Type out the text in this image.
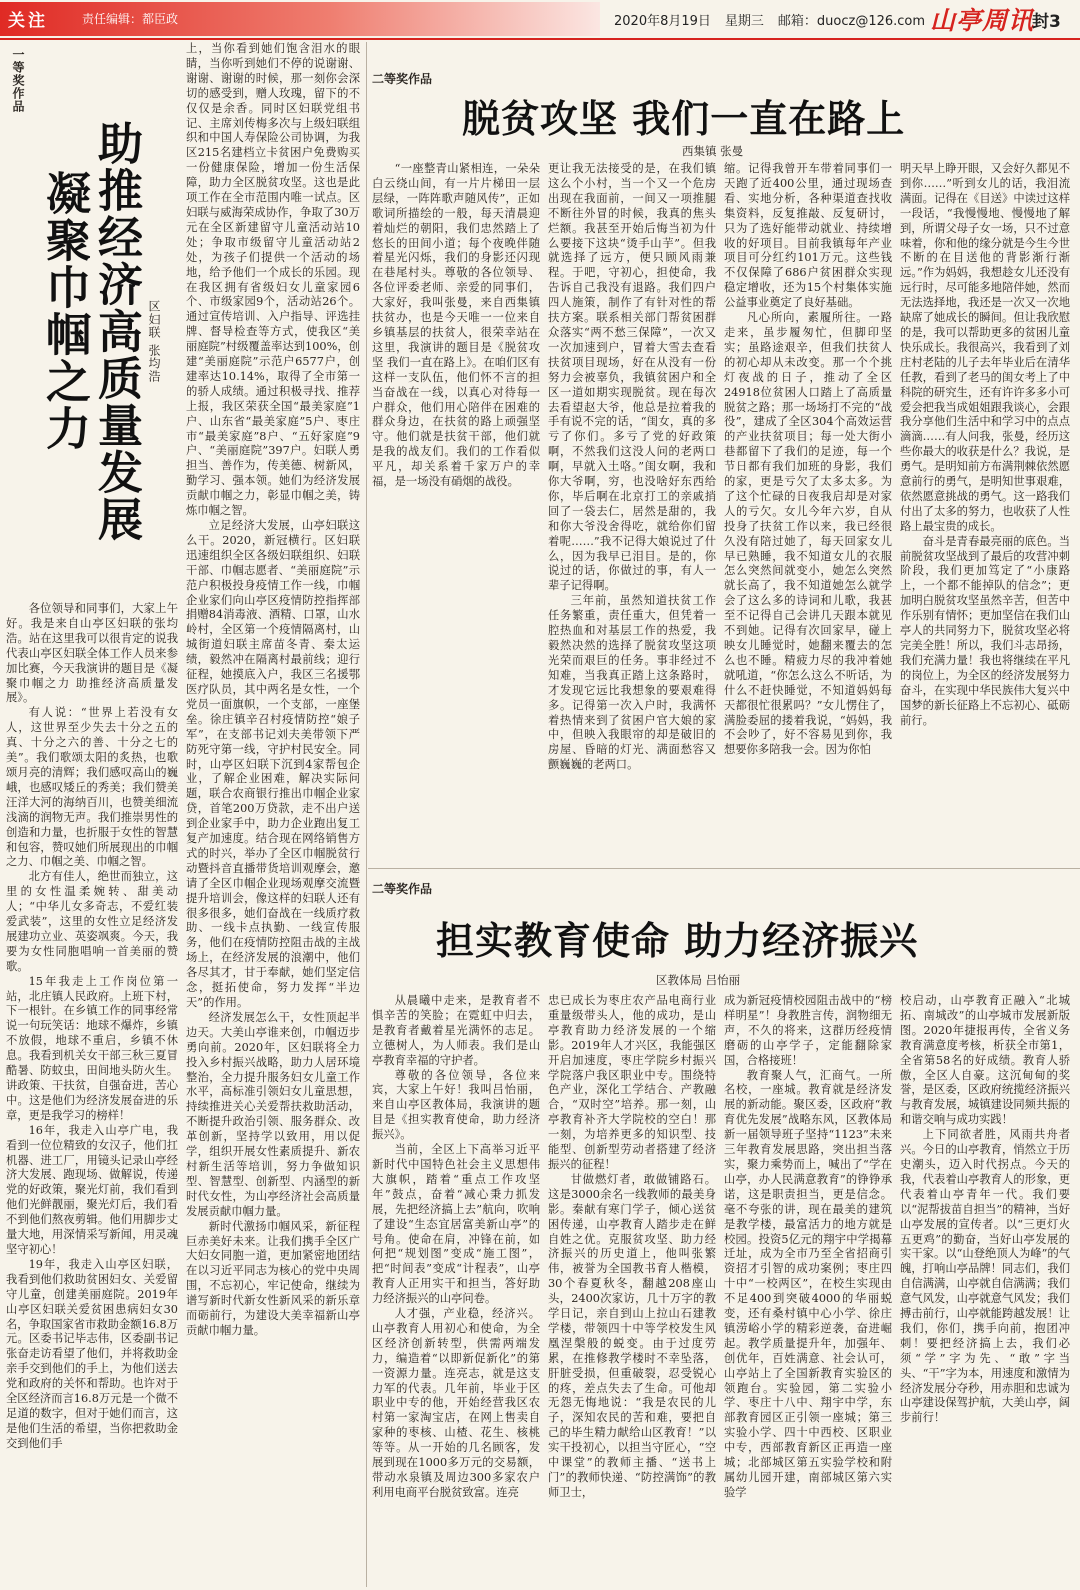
关注	责任编辑：都臣政	2020年8月19日 星期三 邮箱：duocz@126.com 山亭周讯
封3
一等奖作品
助推经济高质量发展
凝聚巾帼之力	区妇联 张均浩

各位领导和同事们，大家上午好。我是来自山亭区妇联的张均浩。站在这里我可以很肯定的说我代表山亭区妇联全体工作人员来参加比赛，今天我演讲的题目是《凝聚巾帼之力 助推经济高质量发展》。

有人说：“世界上若没有女人，这世界至少失去十分之五的真、十分之六的善、十分之七的美”。我们歌颂太阳的炙热，也歌颂月亮的清辉；我们感叹高山的巍峨，也感叹矮丘的秀美；我们赞美汪洋大河的海纳百川，也赞美细流浅滴的润物无声。我们推崇男性的创造和力量，也折服于女性的智慧和包容，赞叹她们所展现出的巾帼之力、巾帼之美、巾帼之智。

北方有佳人，绝世而独立，这里的女性温柔婉转、甜美动人；“中华儿女多奇志，不爱红装爱武装”，这里的女性立足经济发展建功立业、英姿飒爽。今天，我要为女性同胞唱响一首美丽的赞歌。

15年我走上工作岗位第一站，北庄镇人民政府。上班下村，下一根针。在乡镇工作的同事经常说一句玩笑话：地球不爆炸，乡镇不放假，地球不重启，乡镇不休息。我看到机关女干部三秋三夏冒酷暑、防蚊虫，田间地头防火生。讲政策、干扶贫，自强奋进，苦心中。这是他们为经济发展奋进的乐章，更是我学习的榜样！

16年，我走入山亭广电，我看到一位位精致的女汉子，他们扛机器、进工厂，用镜头记录山亭经济大发展、跑现场、做解说，传递党的好政策，聚光灯前，我们看到他们光鲜靓丽，聚光灯后，我们看不到他们熬夜剪辑。他们用脚步丈量大地，用深情采写新闻，用灵魂坚守初心！

19年，我走入山亭区妇联，我看到他们救助贫困妇女、关爱留守儿童，创建美丽庭院。2019年山亭区妇联关爱贫困患病妇女30名，争取国家省市救助金额16.8万元。区委书记毕志伟，区委副书记张奋走访看望了他们，并将救助金亲手交到他们的手上，为他们送去党和政府的关怀和帮助。也许对于全区经济而言16.8万元是一个微不足道的数字，但对于她们而言，这是他们生活的希望，当你把救助金交到他们手

上，当你看到她们饱含泪水的眼睛，当你听到她们不停的说谢谢、谢谢、谢谢的时候，那一刻你会深切的感受到，赠人玫瑰，留下的不仅仅是余香。同时区妇联党组书记、主席刘传梅多次与上级妇联组织和中国人寿保险公司协调，为我区215名建档立卡贫困户免费购买一份健康保险，增加一份生活保障，助力全区脱贫攻坚。这也是此项工作在全市范围内唯一试点。区妇联与威海荣成协作，争取了30万元在全区新建留守儿童活动站10处；争取市级留守儿童活动站2处，为孩子们提供一个活动的场地，给予他们一个成长的乐园。现在我区拥有省级妇女儿童家园6个、市级家园9个，活动站26个。通过宣传培训、入户指导、评选挂牌、督导检查等方式，使我区“美丽庭院”村级覆盖率达到100%，创建“美丽庭院”示范户6577户，创建率达10.14%，取得了全市第一的骄人成绩。通过积极寻找、推荐上报，我区荣获全国“最美家庭”1户、山东省“最美家庭”5户、枣庄市“最美家庭”8户、“五好家庭”9户、“美丽庭院”397户。妇联人勇担当、善作为，传美德、树新风，勤学习、强本领。她们为经济发展贡献巾帼之力，彰显巾帼之美，铸炼巾帼之智。

立足经济大发展，山亭妇联这么干。2020，新冠横行。区妇联迅速组织全区各级妇联组织、妇联干部、巾帼志愿者、“美丽庭院”示范户积极投身疫情工作一线，巾帼企业家们向山亭区疫情防控指挥部捐赠84消毒液、酒精、口罩，山水岭村，全区第一个疫情隔离村，山城街道妇联主席苗冬青、秦太运绩，毅然冲在隔离村最前线；迎行征程，她摸底入户，我区三名援鄂医疗队员，其中两名是女性，一个党员一面旗帜，一个支部，一座堡垒。徐庄镇辛召村疫情防控“娘子军”，在支部书记刘夫美带领下严防死守第一线，守护村民安全。同时，山亭区妇联下沉到4家帮包企业，了解企业困难，解决实际问题，联合农商银行推出巾帼企业家贷，首笔200万贷款，走不出户送到企业家手中，助力企业跑出复工复产加速度。结合现在网络销售方式的时兴，举办了全区巾帼脱贫行动暨抖音直播带货培训观摩会，邀请了全区巾帼企业现场观摩交流暨提升培训会，像这样的妇联人还有很多很多，她们奋战在一线质疗救助、一线卡点执勤、一线宣传服务，他们在疫情防控阻击战的主战场上，在经济发展的浪潮中，他们各尽其才，甘于奉献，她们坚定信念，挺拓使命，努力发挥“半边天”的作用。

经济发展怎么干，女性顶起半边天。大美山亭谁来创，巾帼迈步勇向前。2020年，区妇联将全力投入乡村振兴战略，助力人居环境整治，全力提升服务妇女儿童工作水平，高标准引领妇女儿童思想，持续推进关心关爱帮扶救助活动，不断提升政治引领、服务群众、改革创新，坚持学以致用，用以促学，组织开展女性素质提升、新农村新生活等培训，努力争做知识型、智慧型、创新型、内涵型的新时代女性，为山亭经济社会高质量发展贡献巾帼力量。

新时代激扬巾帼风采，新征程巨赤美好未来。让我们携手全区广大妇女同胞一道，更加紧密地团结在以习近平同志为核心的党中央周围，不忘初心，牢记使命，继续为谱写新时代新女性新风采的新乐章而砺前行，为建设大美幸福新山亭贡献巾帼力量。

二等奖作品
脱贫攻坚 我们一直在路上
西集镇 张曼

“一座整青山紧相连，一朵朵白云绕山间，有一片片梯田一层层绿，一阵阵歌声随风传”，正如歌词所描绘的一般，每天清晨迎着灿烂的朝阳，我们忠然踏上了悠长的田间小道；每个夜晚伴随着星光闪烁，我们的身影还闪现在巷尾村头。尊敬的各位领导、各位评委老师、亲爱的同事们，大家好，我叫张曼，来自西集镇扶贫办，也是今天唯一一位来自乡镇基层的扶贫人，很荣幸站在这里，我演讲的题目是《脱贫攻坚 我们一直在路上》。在咱们区有这样一支队伍，他们怀不言的担当奋战在一线，以真心对待每一户群众，他们用心陪伴在困难的群众身边，在扶贫的路上顽强坚守。他们就是扶贫干部，他们就是我的战友们。我们的工作看似平凡，却关系着千家万户的幸福，是一场没有硝烟的战役。

更让我无法接受的是，在我们镇这么个小村，当一个又一个危房出现在我面前，一间又一项推腿不断往外冒的时候，我真的焦头烂额。我甚至开始后悔当初为什么要接下这块“烫手山芋”。但我就选择了远方，便只顾风雨兼程。于吧，守初心，担使命，我告诉自己我没有退路。我们四户四人施策，制作了有针对性的帮扶方案。联系相关部门帮贫困群众落实“两不愁三保障”，一次又一次加速到户，冒着大雪去查看扶贫项目现场，好在从没有一份努力会被辜负，我镇贫困户和全区一道如期实现脱贫。现在每次去看望赵大爷，他总是拉着我的手有说不完的话，“闺女，真的多亏了你们。多亏了党的好政策啊，不然我们这没人问的老两口啊，早就入土咯。”闺女啊，我和你大爷啊，穷，也没啥好东西给你，毕后啊在北京打工的亲戚捎回了一袋去仁，居然是甜的，我和你大爷没舍得吃，就给你们留着呢……”我不记得大娘说过了什么，因为我早已泪目。是的，你说过的话，你做过的事，有人一辈子记得啊。

三年前，虽然知道扶贫工作任务繁重，责任重大，但凭着一腔热血和对基层工作的热爱，我毅然决然的选择了脱贫攻坚这项光荣而艰巨的任务。事非经过不知难，当我真正踏上这条路时，才发现它远比我想象的要艰难得多。记得第一次入户时，我满怀着热情来到了贫困户官大娘的家中，但映入我眼帘的却是破旧的房屋、昏暗的灯光、满面愁容又颤巍巍的老两口。

缩。记得我曾开车带着同事们一天跑了近400公里，通过现场查看、实地分析，各种渠道查找收集资料，反复推敲、反复研讨，只为了选好能带动就业、持续增收的好项目。目前我镇每年产业项目可分红约101万元。这些钱不仅保障了686户贫困群众实现稳定增收，还为15个村集体实施公益事业奠定了良好基础。

凡心所向，素履所往。一路走来，虽步履匆忙，但脚印坚实；虽路途艰辛，但我们扶贫人的初心却从未改变。那一个个挑灯夜战的日子，推动了全区24918位贫困人口踏上了高质量脱贫之路；那一场场打不完的“战役”，建成了全区304个高效运营的产业扶贫项目；每一处大街小巷都留下了我们的足迹，每一个节日都有我们加班的身影，我们的家，更是亏欠了太多太多。为了这个忙碌的日夜我启却是对家人的亏欠。女儿今年六岁，自从投身了扶贫工作以来，我已经很久没有陪过她了，每天回家女儿早已熟睡，我不知道女儿的衣服怎么突然间就变小，她怎么突然就长高了，我不知道她怎么就学会了这么多的诗词和儿歌，我甚至不记得自己会讲几天跟本就见不到她。记得有次回家早，碰上映女儿睡觉时，她翻来覆去的怎么也不睡。精疲力尽的我冲着她就吼道，“你怎么这么不听话，为什么不赶快睡觉，不知道妈妈每天都很忙很累吗？”女儿愣住了，满脸委屈的搂着我说，“妈妈，我不会吵了，好不容易见到你，我想要你多陪我一会。因为你怕

明天早上睁开眼，又会好久都见不到你……”听到女儿的话，我泪流满面。记得在《目送》中读过这样一段话，“我慢慢地、慢慢地了解到，所谓父母子女一场，只不过意味着，你和他的缘分就是今生今世不断的在目送他的背影渐行渐远。”作为妈妈，我想趁女儿还没有远行时，尽可能多地陪伴她，然而无法选择地，我还是一次又一次地缺席了她成长的瞬间。但让我欣慰的是，我可以帮助更多的贫困儿童快乐成长。我很高兴，我看到了刘庄村老陆的儿子去年毕业后在清华任教，看到了老马的闺女考上了中科院的研究生，还有许许多多小可爱会把我当成姐姐跟我谈心，会跟我分享他们生活中和学习中的点点滴滴……有人问我，张曼，经历这些你最大的收获是什么？我说，是勇气。是明知前方布满荆棘依然愿意前行的勇气，是明知世事艰难，依然愿意挑战的勇气。这一路我们付出了太多的努力，也收获了人性路上最宝贵的成长。

奋斗是青春最亮丽的底色。当前脱贫攻坚战到了最后的攻营冲刺阶段，我们更加笃定了“小康路上，一个都不能掉队的信念”；更加明白脱贫攻坚虽然辛苦，但苦中作乐别有情怀；更加坚信在我们山亭人的共同努力下，脱贫攻坚必将完美全胜！所以，我们斗志昂扬，我们充满力量！我也将继续在平凡的岗位上，为全区的经济发展努力奋斗，在实现中华民族伟大复兴中国梦的新长征路上不忘初心、砥砺前行。

二等奖作品
担实教育使命 助力经济振兴
区教体局 吕怡丽

从晨曦中走来，是教育者不惧辛苦的笑脸；在霓虹中归去，是教育者戴着星光满怀的志足。立德树人，为人师表。我们是山亭教育幸福的守护者。

尊敬的各位领导，各位来宾，大家上午好！我叫吕怡丽，来自山亭区教体局，我演讲的题目是《担实教育使命，助力经济振兴》。

当前，全区上下高举习近平新时代中国特色社会主义思想伟大旗帜，踏着“重点工作攻坚年”鼓点，奋着“减心秉力抓发展，先把经济搞上去”航向，吹响了建设“生态宜居富美新山亭”的号角。使命在肩，冲锋在前，如何把“规划图”变成“施工图”，把“时间表”变成“计程表”，山亭教育人正用实干和担当，答好助力经济振兴的山亭问卷。

人才强，产业稳，经济兴。山亭教育人用初心和使命，为全区经济创新转型，供需两端发力，编造着“以即新促新化”的第一资源力量。连亮志，就是这支力军的代表。几年前，毕业于区职业中专的他，开始经营我区农村第一家淘宝店，在网上售卖自家种的枣核、山楂、花生、核桃等等。从一开始的几名顾客，发展到现在1000多万元的交易额，带动水泉镇及周边300多家农户利用电商平台脱贫致富。连亮

忠已成长为枣庄农产品电商行业重量级带头人，他的成功，是山亭教育助力经济发展的一个缩影。2019年人才兴区，我能强区开启加速度，枣庄学院乡村振兴学院落户我区职业中专。围绕特色产业，深化工学结合、产教融合，“双时空”培养。那一刻，山亭教育补齐大学院校的空白！那一刻，为培养更多的知识型、技能型、创新型劳动者搭建了经济振兴的征程！

甘做燃灯者，敢做铺路石。这是3000余名一线教师的最美身影。秦献有寒门学子，倾心送贫困传递，山亭教育人踏步走在鲜自姓之优。克服贫攻坚、助力经济振兴的历史道上，他叫张繁伟，被誉为全国教书育人楷模，30个春夏秋冬，翻越208座山头，2400次家访，几十万字的教学日记，亲自到山上拉山石建教学楼，带领四十中等学校发生风凰涅槃般的蜕变。由于过度劳累，在推修教学楼时不幸坠落，肝脏受损，但重破裂，忍受锐心的疼，差点失去了生命。可他却无怨无悔地说：“我是农民的儿子，深知农民的苦和难，要把自己的毕生精力献给山区教育！”以实干投初心，以担当守匠心，“空中课堂”的教师主播、“送书上门”的教师快递、“防控满饰”的教师卫士，

成为新冠疫情校园阻击战中的“榜样明星”！身教胜言传，润物细无声，不久的将来，这群历经疫情磨砺的山亭学子，定能翻除家国，合格接班！

教育聚人气，汇商气。一所名校，一座城。教育就是经济发展的新动能。聚区委，区政府“教育优先发展”战略东风，区教体局新一届领导班子坚持“1123”未来三年教育发展思路，突出担当落实，聚力乘势而上，喊出了“学在山亭，办人民满意教育”的铮铮承诺，这是职责担当，更是信念。毫不夸张的讲，现在最美的建筑是教学楼，最富活力的地方就是校园。投资5亿元的翔宇中学揭幕迁址，成为全市乃至全省招商引资招才引智的成功案例；枣庄四十中“一校两区”，在校生实现由不足400到突破4000的华丽蜕变，还有桑村镇中心小学、徐庄镇涝峪小学的精彩逆袭，奋进崛起。教学质量提升年，加强年、创优年，百姓满意、社会认可，山亭站上了全国新教育实验区的领跑台。实验园，第二实验小学、枣庄十八中、翔宇中学，东部教育园区正引领一座城；第三实验小学、四十中西校、区职业中专，西部教育新区正再造一座城；北部城区第五实验学校和附属幼儿园开建，南部城区第六实验学

校启动，山亭教育正融入“北城拓、南城改”的山亭城市发展新版图。2020年捷报再传，全省义务教育满意度考核，析获全市第1，全省第58名的好成绩。教育人骄傲，全区人自豪。这沉甸甸的奖誉，是区委，区政府统揽经济振兴与教育发展，城镇建设同频共振的和谐交响与成功实践！

上下同欲者胜，风雨共舟者兴。今日的山亭教育，悄然立于历史潮头，迈入时代拐点。今天的我，代表着山亭教育人的形象，更代表着山亭青年一代。我们要以“泥帮拔苗自担当”的精神，当好山亭发展的宣传者。以“三更灯火五更鸡”的勤奋，当好山亭发展的实干家。以“山登绝顶人为峰”的气魄，打响山亭品牌！同志们，我们自信满满，山亭就自信满满；我们意气风发，山亭就意气风发；我们搏击前行，山亭就能跨越发展！让我们，你们，携手向前，抱团冲刺！要把经济搞上去，我们必须“学”字为先、“敢”字当头、“干”字为本，用速度和激情为经济发展分夺秒，用赤胆和忠诚为山亭建设保驾护航，大美山亭，阔步前行！
